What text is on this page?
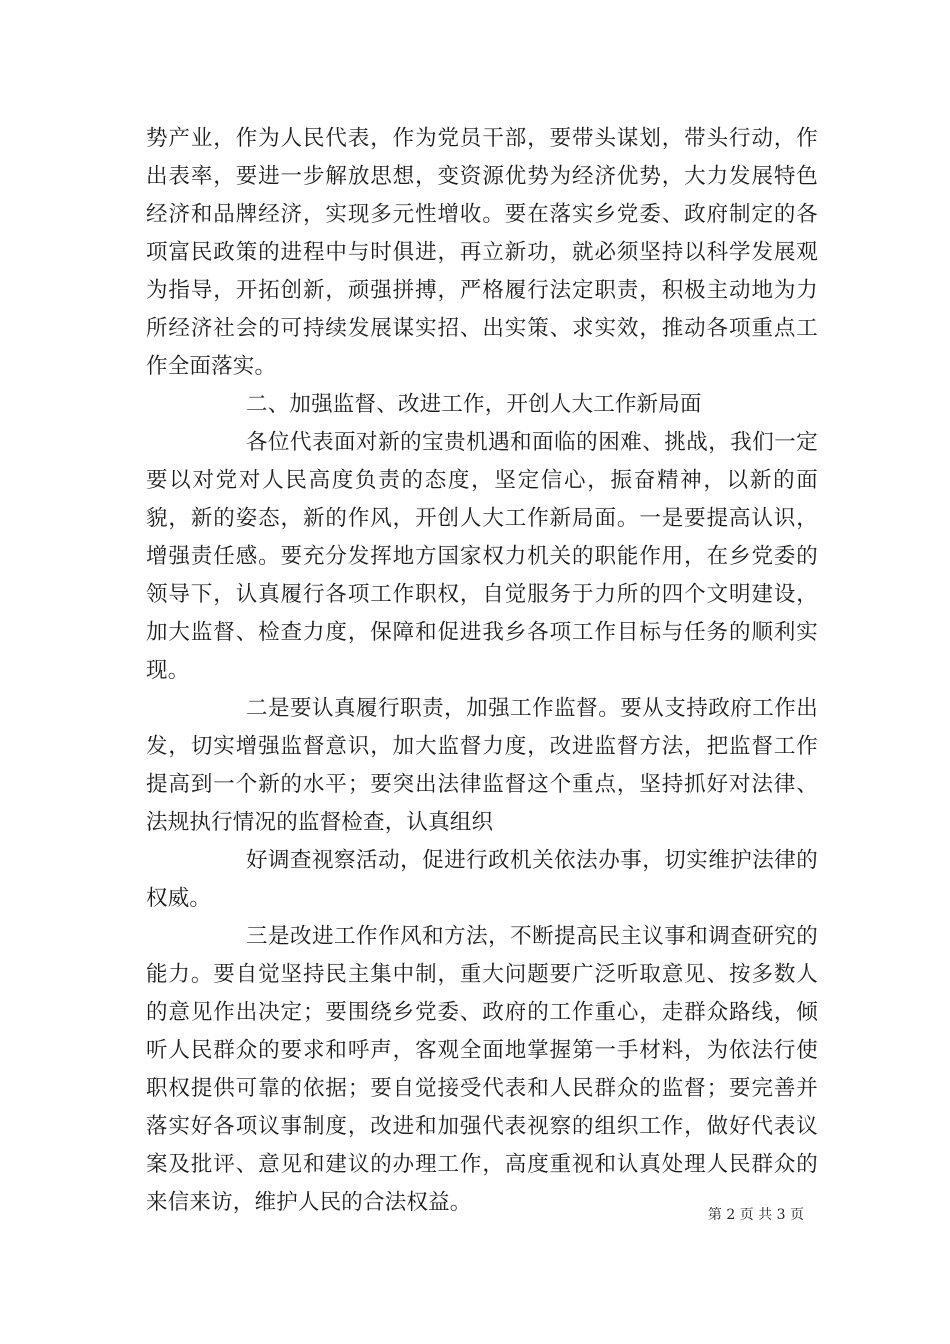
势产业，作为人民代表，作为党员干部，要带头谋划，带头行动，作出表率，要进一步解放思想，变资源优势为经济优势，大力发展特色经济和品牌经济，实现多元性增收。要在落实乡党委、政府制定的各项富民政策的进程中与时俱进，再立新功，就必须坚持以科学发展观为指导，开拓创新，顽强拼搏，严格履行法定职责，积极主动地为力所经济社会的可持续发展谋实招、出实策、求实效，推动各项重点工作全面落实。

二、加强监督、改进工作，开创人大工作新局面

各位代表面对新的宝贵机遇和面临的困难、挑战，我们一定要以对党对人民高度负责的态度，坚定信心，振奋精神，以新的面貌，新的姿态，新的作风，开创人大工作新局面。一是要提高认识，增强责任感。要充分发挥地方国家权力机关的职能作用，在乡党委的领导下，认真履行各项工作职权，自觉服务于力所的四个文明建设，加大监督、检查力度，保障和促进我乡各项工作目标与任务的顺利实现。

二是要认真履行职责，加强工作监督。要从支持政府工作出发，切实增强监督意识，加大监督力度，改进监督方法，把监督工作提高到一个新的水平；要突出法律监督这个重点，坚持抓好对法律、法规执行情况的监督检查，认真组织

好调查视察活动，促进行政机关依法办事，切实维护法律的权威。

三是改进工作作风和方法，不断提高民主议事和调查研究的能力。要自觉坚持民主集中制，重大问题要广泛听取意见、按多数人的意见作出决定；要围绕乡党委、政府的工作重心，走群众路线，倾听人民群众的要求和呼声，客观全面地掌握第一手材料，为依法行使职权提供可靠的依据；要自觉接受代表和人民群众的监督；要完善并落实好各项议事制度，改进和加强代表视察的组织工作，做好代表议案及批评、意见和建议的办理工作，高度重视和认真处理人民群众的来信来访，维护人民的合法权益。	第 2 页 共 3 页
